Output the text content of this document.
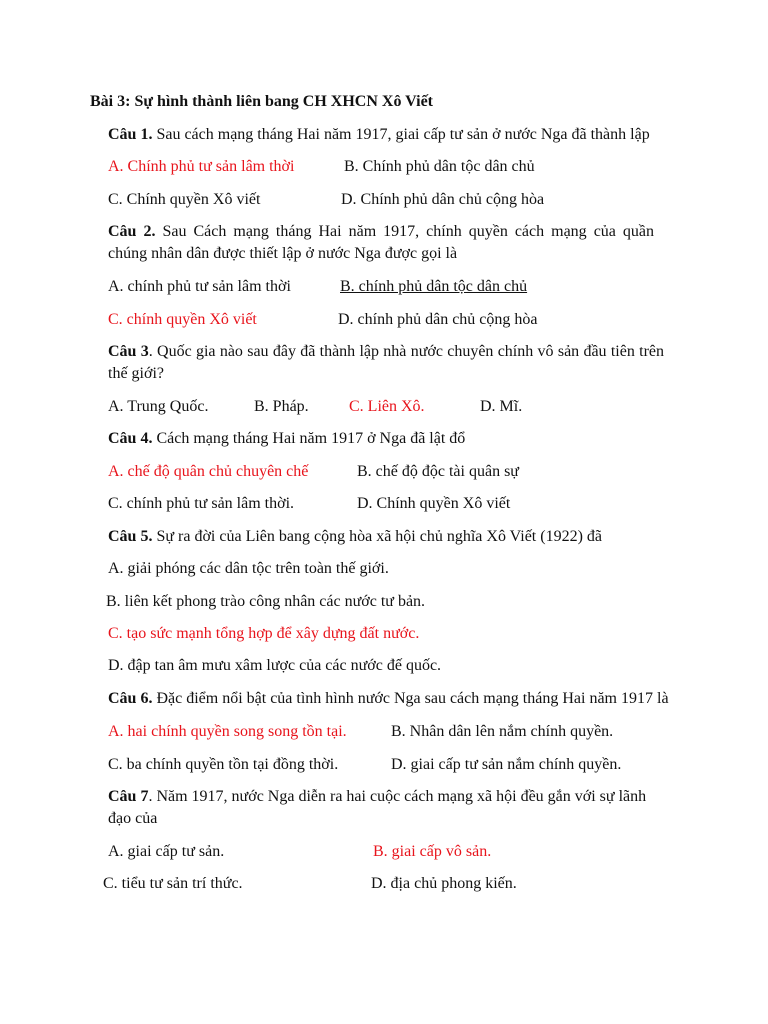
Bài 3: Sự hình thành liên bang CH XHCN Xô Viết
Câu 1. Sau cách mạng tháng Hai năm 1917, giai cấp tư sản ở nước Nga đã thành lập
A. Chính phủ tư sản lâm thời	B. Chính phủ dân tộc dân chủ
C. Chính quyền Xô viết	D. Chính phủ dân chủ cộng hòa
Câu 2. Sau Cách mạng tháng Hai năm 1917, chính quyền cách mạng của quần chúng nhân dân được thiết lập ở nước Nga được gọi là
A. chính phủ tư sản lâm thời	B. chính phủ dân tộc dân chủ
C. chính quyền Xô viết	D. chính phủ dân chủ cộng hòa
Câu 3. Quốc gia nào sau đây đã thành lập nhà nước chuyên chính vô sản đầu tiên trên thế giới?
A. Trung Quốc.	B. Pháp.	C. Liên Xô.	D. Mĩ.
Câu 4. Cách mạng tháng Hai năm 1917 ở Nga đã lật đổ
A. chế độ quân chủ chuyên chế	B. chế độ độc tài quân sự
C. chính phủ tư sản lâm thời.	D. Chính quyền Xô viết
Câu 5. Sự ra đời của Liên bang cộng hòa xã hội chủ nghĩa Xô Viết (1922) đã
A. giải phóng các dân tộc trên toàn thế giới.
B. liên kết phong trào công nhân các nước tư bản.
C. tạo sức mạnh tổng hợp để xây dựng đất nước.
D. đập tan âm mưu xâm lược của các nước đế quốc.
Câu 6. Đặc điểm nổi bật của tình hình nước Nga sau cách mạng tháng Hai năm 1917 là
A. hai chính quyền song song tồn tại.	B. Nhân dân lên nắm chính quyền.
C. ba chính quyền tồn tại đồng thời.	D. giai cấp tư sản nắm chính quyền.
Câu 7. Năm 1917, nước Nga diễn ra hai cuộc cách mạng xã hội đều gắn với sự lãnh đạo của
A. giai cấp tư sản.	B. giai cấp vô sản.
C. tiểu tư sản trí thức.	D. địa chủ phong kiến.
